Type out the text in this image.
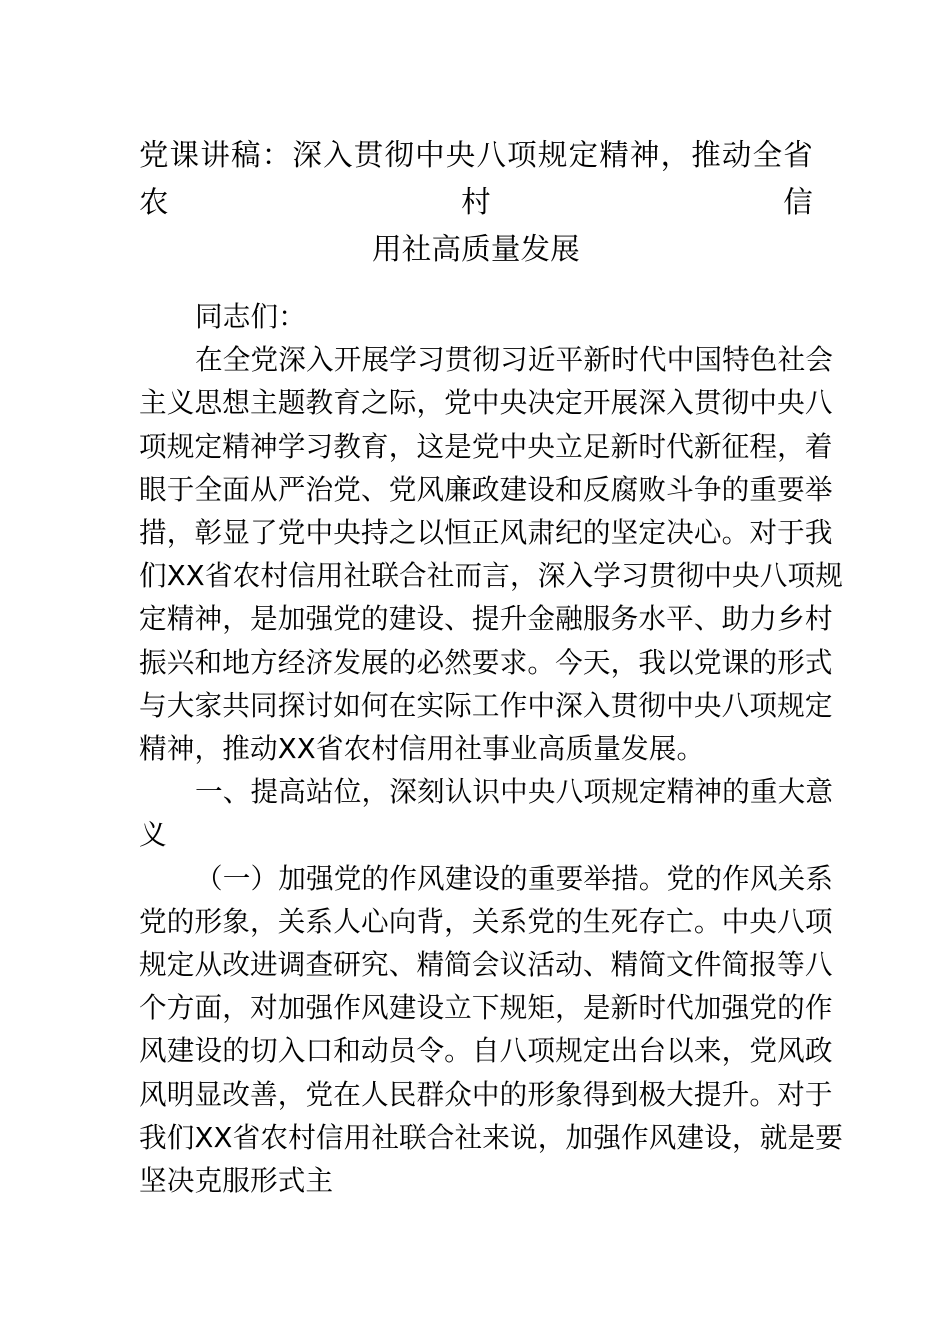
党课讲稿：深入贯彻中央八项规定精神，推动全省农村信
用社高质量发展

同志们：

在全党深入开展学习贯彻习近平新时代中国特色社会
主义思想主题教育之际，党中央决定开展深入贯彻中央八
项规定精神学习教育，这是党中央立足新时代新征程，着
眼于全面从严治党、党风廉政建设和反腐败斗争的重要举
措，彰显了党中央持之以恒正风肃纪的坚定决心。对于我
们XX省农村信用社联合社而言，深入学习贯彻中央八项规
定精神，是加强党的建设、提升金融服务水平、助力乡村
振兴和地方经济发展的必然要求。今天，我以党课的形式
与大家共同探讨如何在实际工作中深入贯彻中央八项规定
精神，推动XX省农村信用社事业高质量发展。

一、提高站位，深刻认识中央八项规定精神的重大意
义

（一）加强党的作风建设的重要举措。党的作风关系
党的形象，关系人心向背，关系党的生死存亡。中央八项
规定从改进调查研究、精简会议活动、精简文件简报等八
个方面，对加强作风建设立下规矩，是新时代加强党的作
风建设的切入口和动员令。自八项规定出台以来，党风政
风明显改善，党在人民群众中的形象得到极大提升。对于
我们XX省农村信用社联合社来说，加强作风建设，就是要
坚决克服形式主
